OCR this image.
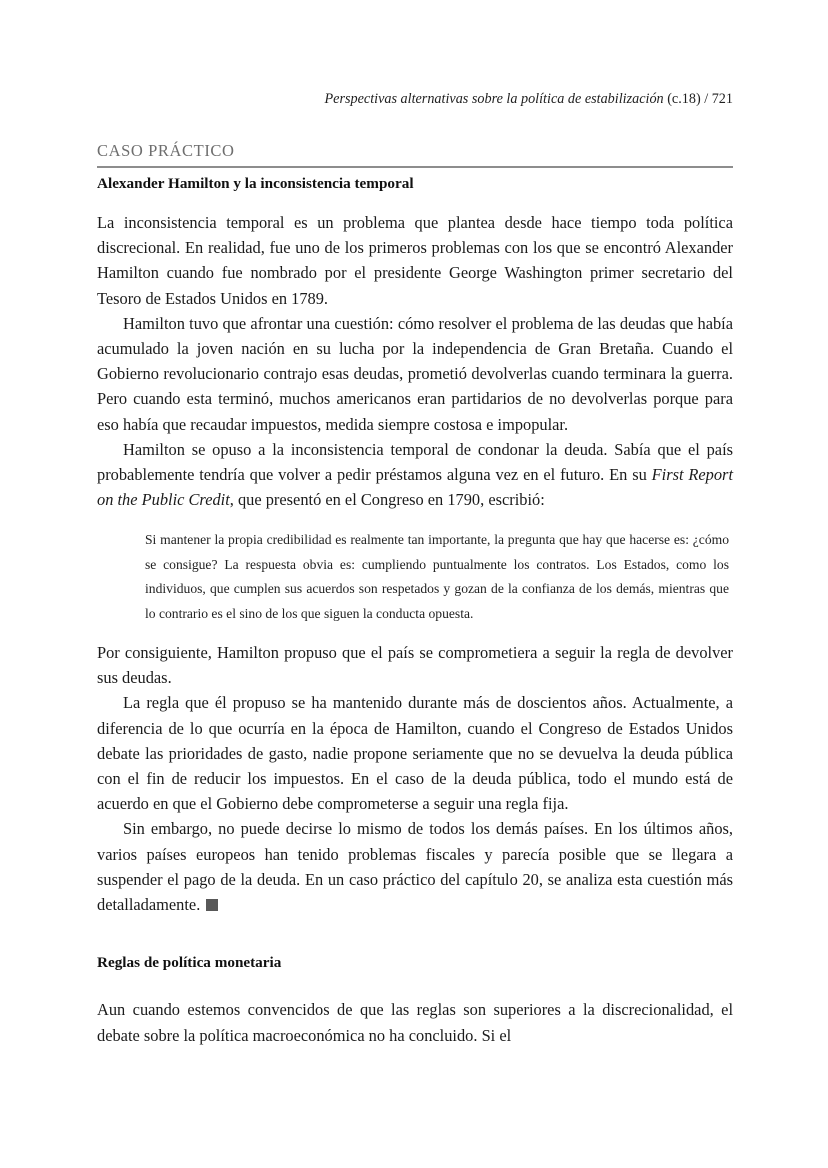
Perspectivas alternativas sobre la política de estabilización (c.18) / 721
CASO PRÁCTICO
Alexander Hamilton y la inconsistencia temporal

La inconsistencia temporal es un problema que plantea desde hace tiempo toda política discrecional. En realidad, fue uno de los primeros problemas con los que se encontró Alexander Hamilton cuando fue nombrado por el presidente George Washington primer secretario del Tesoro de Estados Unidos en 1789.

Hamilton tuvo que afrontar una cuestión: cómo resolver el problema de las deudas que había acumulado la joven nación en su lucha por la independencia de Gran Bretaña. Cuando el Gobierno revolucionario contrajo esas deudas, prometió devolverlas cuando terminara la guerra. Pero cuando esta terminó, muchos americanos eran partidarios de no devolverlas porque para eso había que recaudar impuestos, medida siempre costosa e impopular.

Hamilton se opuso a la inconsistencia temporal de condonar la deuda. Sabía que el país probablemente tendría que volver a pedir préstamos alguna vez en el futuro. En su First Report on the Public Credit, que presentó en el Congreso en 1790, escribió:

Si mantener la propia credibilidad es realmente tan importante, la pregunta que hay que hacerse es: ¿cómo se consigue? La respuesta obvia es: cumpliendo puntualmente los contratos. Los Estados, como los individuos, que cumplen sus acuerdos son respetados y gozan de la confianza de los demás, mientras que lo contrario es el sino de los que siguen la conducta opuesta.

Por consiguiente, Hamilton propuso que el país se comprometiera a seguir la regla de devolver sus deudas.

La regla que él propuso se ha mantenido durante más de doscientos años. Actualmente, a diferencia de lo que ocurría en la época de Hamilton, cuando el Congreso de Estados Unidos debate las prioridades de gasto, nadie propone seriamente que no se devuelva la deuda pública con el fin de reducir los impuestos. En el caso de la deuda pública, todo el mundo está de acuerdo en que el Gobierno debe comprometerse a seguir una regla fija.

Sin embargo, no puede decirse lo mismo de todos los demás países. En los últimos años, varios países europeos han tenido problemas fiscales y parecía posible que se llegara a suspender el pago de la deuda. En un caso práctico del capítulo 20, se analiza esta cuestión más detalladamente.

Reglas de política monetaria

Aun cuando estemos convencidos de que las reglas son superiores a la discrecionalidad, el debate sobre la política macroeconómica no ha concluido. Si el
